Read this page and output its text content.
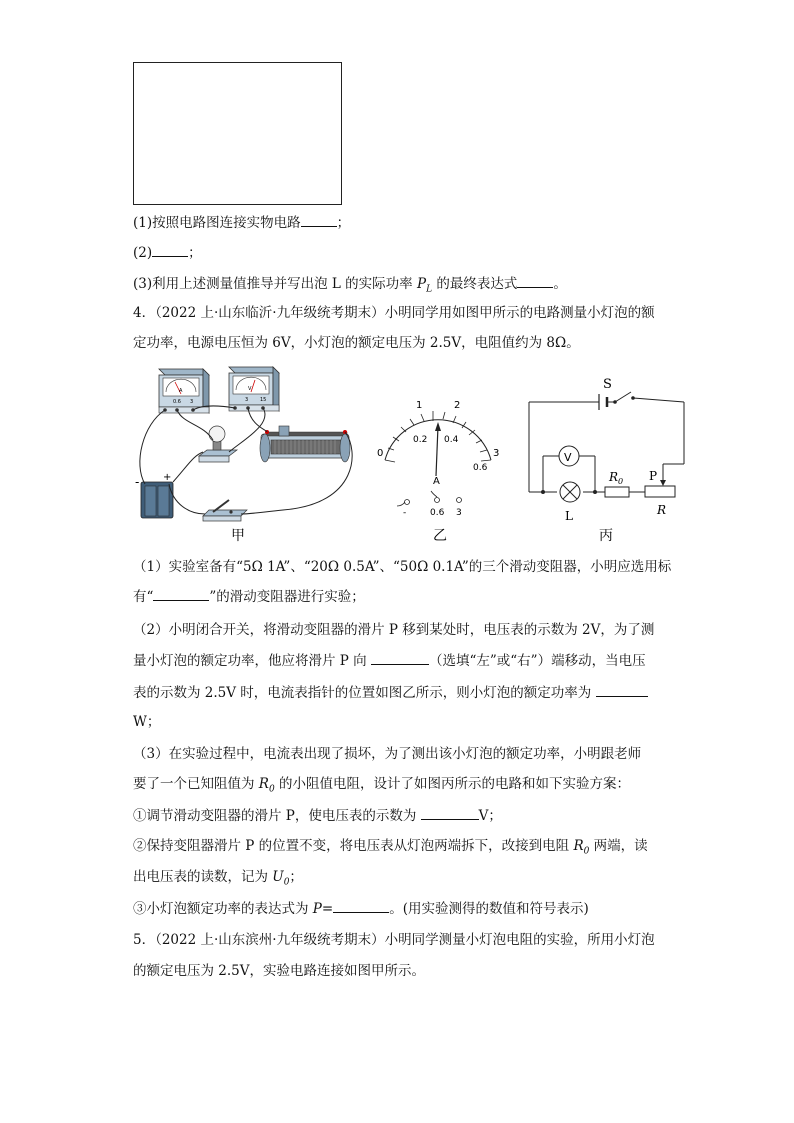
(1)按照电路图连接实物电路	；
(2)	；
(3)利用上述测量值推导并写出泡 L 的实际功率 $P_L$ 的最终表达式	。
4．（2022 上·山东临沂·九年级统考期末）小明同学用如图甲所示的电路测量小灯泡的额
定功率，电源电压恒为 6V，小灯泡的额定电压为 2.5V，电阻值约为 8Ω。
A
0.6 3
V
3 15
- +
甲
0
1	2
3
0.2 0.4
0.6
A
-	0.6 3
乙
S
V
L
$R_0$ P
R
丙
（1）实验室备有“5Ω 1A”、“20Ω 0.5A”、“50Ω 0.1A”的三个滑动变阻器，小明应选用标
有“	”的滑动变阻器进行实验；
（2）小明闭合开关，将滑动变阻器的滑片 P 移到某处时，电压表的示数为 2V，为了测
量小灯泡的额定功率，他应将滑片 P 向	（选填“左”或“右”）端移动，当电压
表的示数为 2.5V 时，电流表指针的位置如图乙所示，则小灯泡的额定功率为
W；
（3）在实验过程中，电流表出现了损坏，为了测出该小灯泡的额定功率，小明跟老师
要了一个已知阻值为 $R_0$ 的小阻值电阻，设计了如图丙所示的电路和如下实验方案：
①调节滑动变阻器的滑片 P，使电压表的示数为	V；
②保持变阻器滑片 P 的位置不变，将电压表从灯泡两端拆下，改接到电阻 $R_0$ 两端，读
出电压表的读数，记为 $U_0$；
③小灯泡额定功率的表达式为 P=	。(用实验测得的数值和符号表示)
5．（2022 上·山东滨州·九年级统考期末）小明同学测量小灯泡电阻的实验，所用小灯泡
的额定电压为 2.5V，实验电路连接如图甲所示。
